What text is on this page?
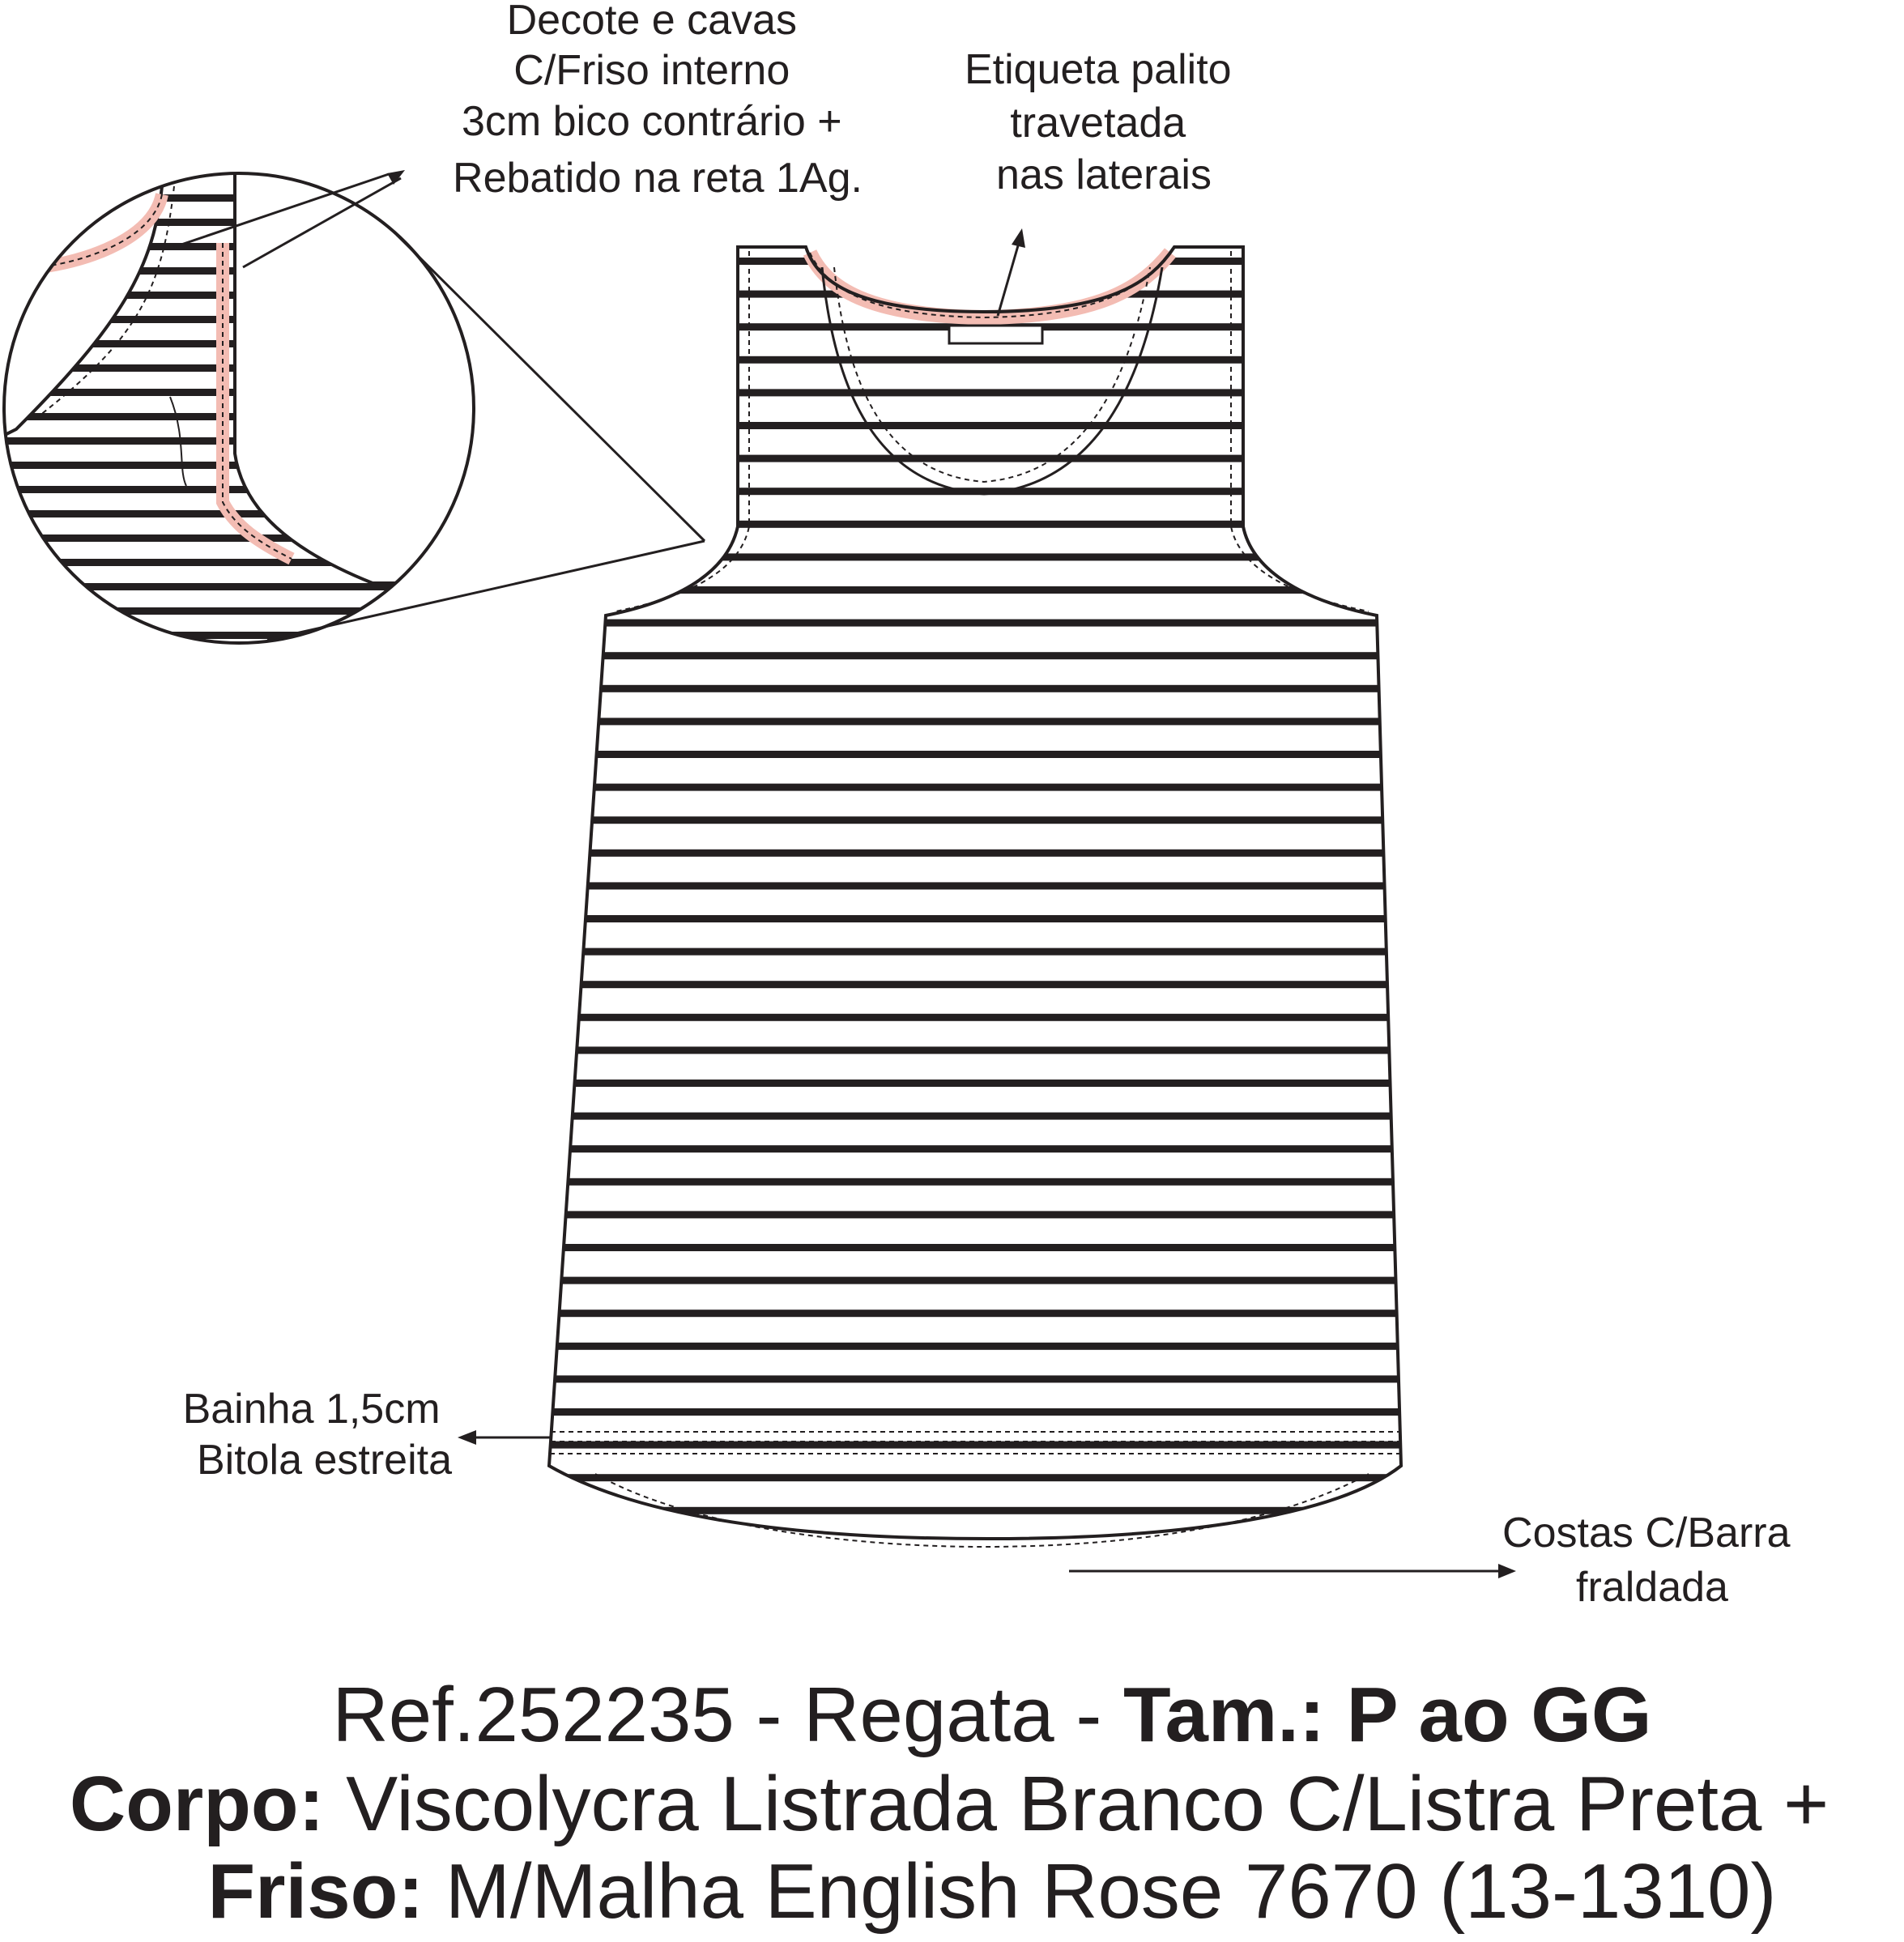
Decote e cavas C/Friso interno 3cm bico contrário + Rebatido na reta 1Ag.
Etiqueta palito travetada nas laterais
Bainha 1,5cm Bitola estreita
Costas C/Barra fraldada
Ref.252235 - Regata - Tam.: P ao GG
Corpo: Viscolycra Listrada Branco C/Listra Preta +
Friso: M/Malha English Rose 7670 (13-1310)
